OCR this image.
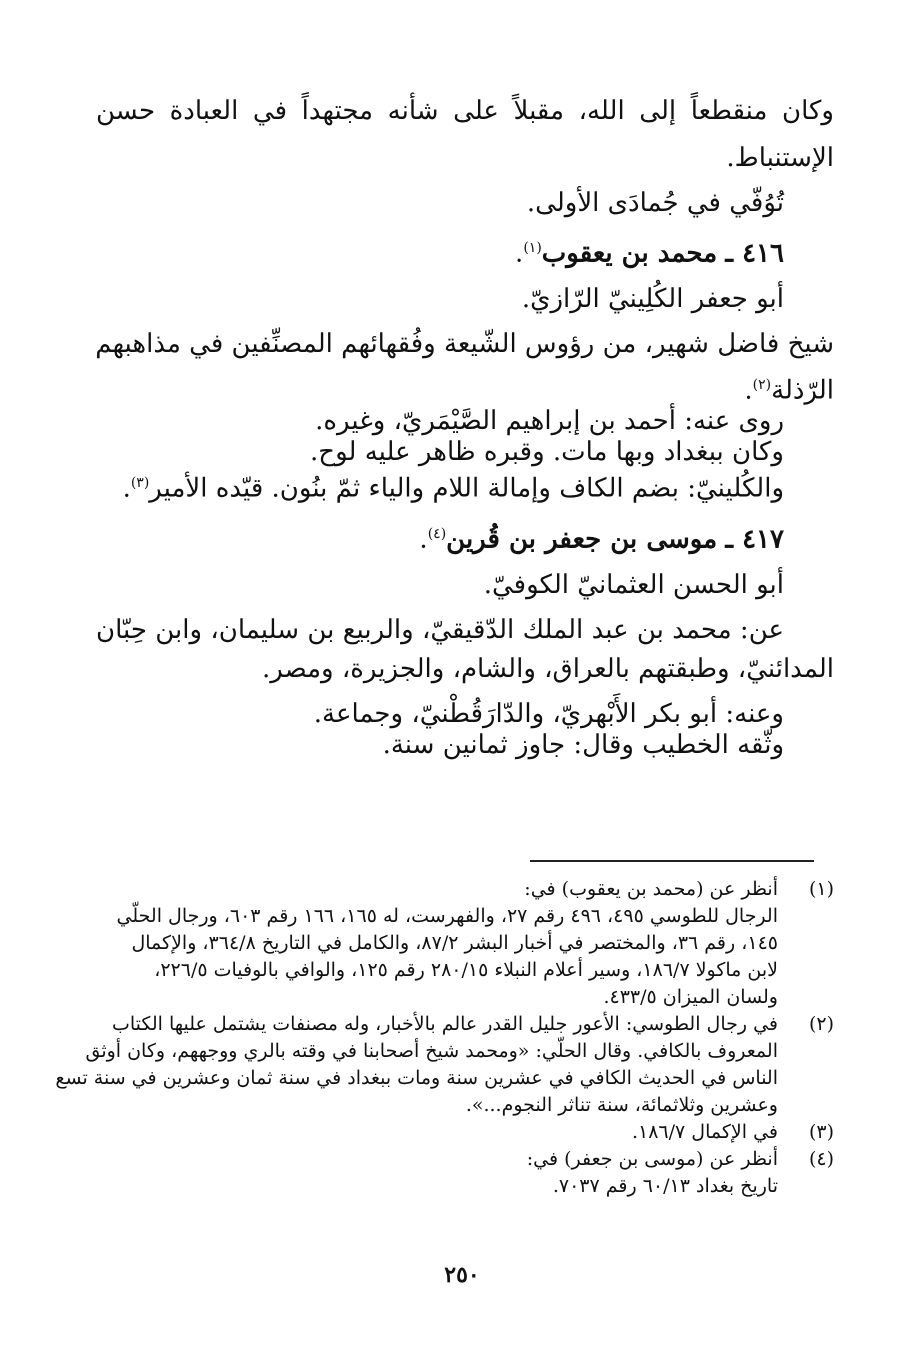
وكان منقطعاً إلى الله، مقبلاً على شأنه مجتهداً في العبادة حسن

الإستنباط.

تُوُفّي في جُمادَى الأولى.

٤١٦ ـ محمد بن يعقوب$^{(١)}$.

أبو جعفر الكُلِينيّ الرّازيّ.

شيخ فاضل شهير، من رؤوس الشّيعة وفُقهائهم المصنِّفين في مذاهبهم

الرّذلة$^{(٢)}$.

روى عنه: أحمد بن إبراهيم الصَّيْمَريّ، وغيره.

وكان ببغداد وبها مات. وقبره ظاهر عليه لوح.

والكُلينيّ: بضم الكاف وإمالة اللام والياء ثمّ بنُون. قيّده الأمير$^{(٣)}$.

٤١٧ ـ موسى بن جعفر بن قُرين$^{(٤)}$.

أبو الحسن العثمانيّ الكوفيّ.

عن: محمد بن عبد الملك الدّقيقيّ، والربيع بن سليمان، وابن حِبّان

المدائنيّ، وطبقتهم بالعراق، والشام، والجزيرة، ومصر.

وعنه: أبو بكر الأَبْهريّ، والدّارَقُطْنيّ، وجماعة.

وثّقه الخطيب وقال: جاوز ثمانين سنة.

(١)

أنظر عن (محمد بن يعقوب) في:

الرجال للطوسي ٤٩٥، ٤٩٦ رقم ٢٧، والفهرست، له ١٦٥، ١٦٦ رقم ٦٠٣، ورجال الحلّي

١٤٥، رقم ٣٦، والمختصر في أخبار البشر ٨٧/٢، والكامل في التاريخ ٣٦٤/٨، والإكمال

لابن ماكولا ١٨٦/٧، وسير أعلام النبلاء ٢٨٠/١٥ رقم ١٢٥، والوافي بالوفيات ٢٢٦/٥،

ولسان الميزان ٤٣٣/٥.

(٢)

في رجال الطوسي: الأعور جليل القدر عالم بالأخبار، وله مصنفات يشتمل عليها الكتاب

المعروف بالكافي. وقال الحلّي: «ومحمد شيخ أصحابنا في وقته بالري ووجههم، وكان أوثق

الناس في الحديث الكافي في عشرين سنة ومات ببغداد في سنة ثمان وعشرين في سنة تسع

وعشرين وثلاثمائة، سنة تناثر النجوم...».

(٣)

في الإكمال ١٨٦/٧.

(٤)

أنظر عن (موسى بن جعفر) في:

تاريخ بغداد ٦٠/١٣ رقم ٧٠٣٧.

٢٥٠
